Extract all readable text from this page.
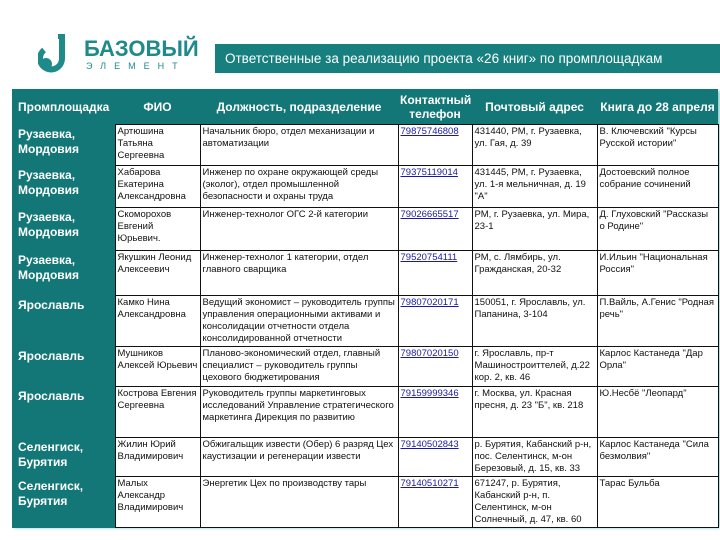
БАЗОВЫЙ
ЭЛЕМЕНТ	Ответственные за реализацию проекта «26 книг» по промплощадкам
Промплощадка	ФИО	Должность, подразделение	Контактный телефон	Почтовый адрес	Книга до 28 апреля
Рузаевка, Мордовия	Артюшина Татьяна Сергеевна	Начальник бюро, отдел механизации и автоматизации	79875746808	431440, РМ, г. Рузаевка, ул. Гая, д. 39	В. Ключевский "Курсы Русской истории"
Рузаевка, Мордовия	Хабарова Екатерина Александровна	Инженер по охране окружающей среды (эколог), отдел промышленной безопасности и охраны труда	79375119014	431445, РМ, г. Рузаевка, ул. 1-я мельничная, д. 19 "А"	Достоевский полное собрание сочинений
Рузаевка, Мордовия	Скоморохов Евгений Юрьевич.	Инженер-технолог ОГС 2-й категории	79026665517	РМ, г. Рузаевка, ул. Мира, 23-1	Д. Глуховский "Рассказы о Родине"
Рузаевка, Мордовия	Якушкин Леонид Алексеевич	Инженер-технолог 1 категории, отдел главного сварщика	79520754111	РМ, с. Лямбирь, ул. Гражданская, 20-32	И.Ильин "Национальная Россия"
Ярославль	Камко Нина Александровна	Ведущий экономист – руководитель группы управления операционными активами и консолидации отчетности отдела консолидированной отчетности	79807020171	150051, г. Ярославль, ул. Папанина, 3-104	П.Вайль, А.Генис "Родная речь"
Ярославль	Мушников Алексей Юрьевич	Планово-экономический отдел, главный специалист – руководитель группы цехового бюджетирования	79807020150	г. Ярославль, пр-т Машиностроиттелей, д.22 кор. 2, кв. 46	Карлос Кастанеда "Дар Орла"
Ярославль	Кострова Евгения Сергеевна	Руководитель группы маркетинговых исследований Управление стратегического маркетинга Дирекция по развитию	79159999346	г. Москва, ул. Красная пресня, д. 23 "Б", кв. 218	Ю.Несбё "Леопард"
Селенгиск, Бурятия	Жилин Юрий Владимирович	Обжигальщик извести (Обер) 6 разряд Цех каустизации и регенерации извести	79140502843	р. Бурятия, Кабанский р-н, пос. Селентинск, м-он Березовый, д. 15, кв. 33	Карлос Кастанеда "Сила безмолвия"
Селенгиск, Бурятия	Малых Александр Владимирович	Энергетик Цех по производству тары	79140510271	671247, р. Бурятия, Кабанский р-н, п. Селентинск, м-он Солнечный, д. 47, кв. 60	Тарас Бульба
